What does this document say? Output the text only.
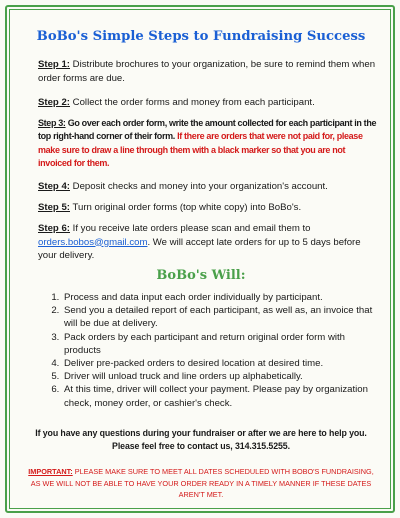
BoBo's Simple Steps to Fundraising Success
Step 1: Distribute brochures to your organization, be sure to remind them when order forms are due.
Step 2: Collect the order forms and money from each participant.
Step 3: Go over each order form, write the amount collected for each participant in the top right-hand corner of their form. If there are orders that were not paid for, please make sure to draw a line through them with a black marker so that you are not invoiced for them.
Step 4: Deposit checks and money into your organization's account.
Step 5: Turn original order forms (top white copy) into BoBo's.
Step 6: If you receive late orders please scan and email them to orders.bobos@gmail.com. We will accept late orders for up to 5 days before your delivery.
BoBo's Will:
1. Process and data input each order individually by participant.
2. Send you a detailed report of each participant, as well as, an invoice that will be due at delivery.
3. Pack orders by each participant and return original order form with products
4. Deliver pre-packed orders to desired location at desired time.
5. Driver will unload truck and line orders up alphabetically.
6. At this time, driver will collect your payment. Please pay by organization check, money order, or cashier's check.
If you have any questions during your fundraiser or after we are here to help you. Please feel free to contact us, 314.315.5255.
IMPORTANT: PLEASE MAKE SURE TO MEET ALL DATES SCHEDULED WITH BOBO'S FUNDRAISING, AS WE WILL NOT BE ABLE TO HAVE YOUR ORDER READY IN A TIMELY MANNER IF THESE DATES AREN'T MET.
